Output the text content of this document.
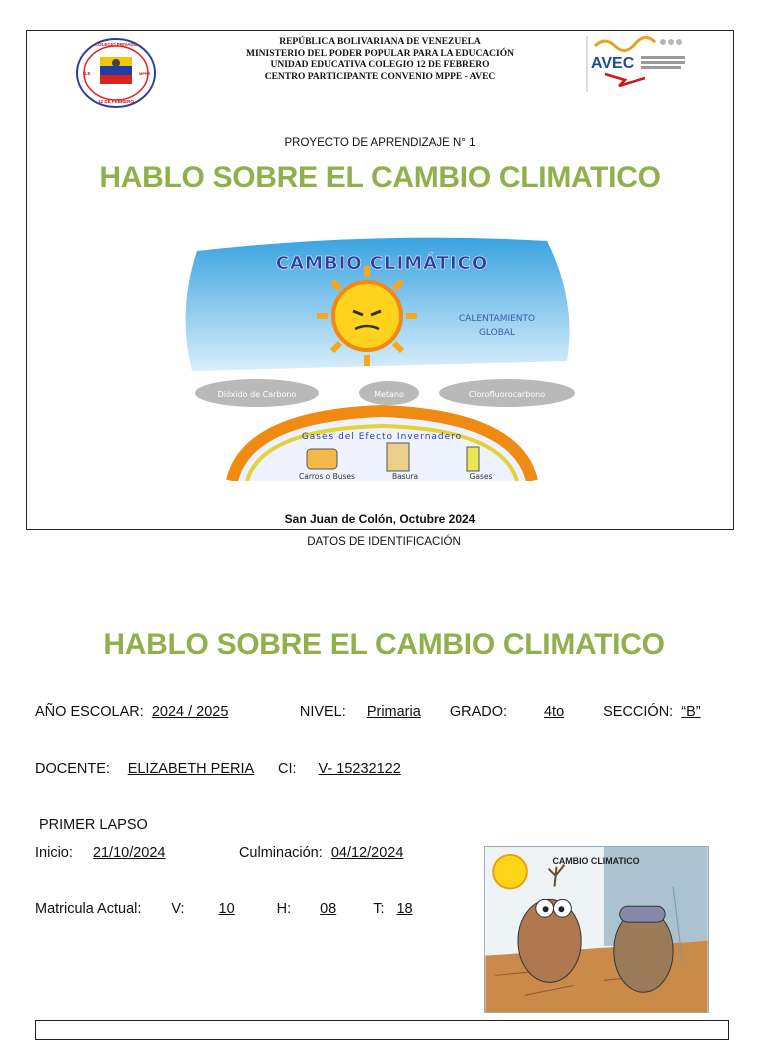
COLEGIO PRIVADO
12 DE FEBRERO
U.E	MPPE
REPÚBLICA BOLIVARIANA DE VENEZUELA
MINISTERIO DEL PODER POPULAR PARA LA EDUCACIÓN
UNIDAD EDUCATIVA COLEGIO 12 DE FEBRERO
CENTRO PARTICIPANTE CONVENIO MPPE - AVEC
AVEC
PROYECTO DE APRENDIZAJE N° 1
HABLO SOBRE EL CAMBIO CLIMATICO
CAMBIO CLIMÁTICO
CALENTAMIENTO
GLOBAL
Dióxido de Carbono	Metano	Clorofluorocarbono
Gases del Efecto Invernadero
Carros o Buses	Basura	Gases
San Juan de Colón, Octubre 2024
DATOS DE IDENTIFICACIÓN
HABLO SOBRE EL CAMBIO CLIMATICO
AÑO ESCOLAR: 2024 / 2025	NIVEL: Primaria GRADO:	4to	SECCIÓN: “B”
DOCENTE: ELIZABETH PERIA CI: V- 15232122
PRIMER LAPSO
Inicio: 21/10/2024	Culminación: 04/12/2024
Matricula Actual: V: 10	H: 08	T: 18
CAMBIO CLIMATICO
